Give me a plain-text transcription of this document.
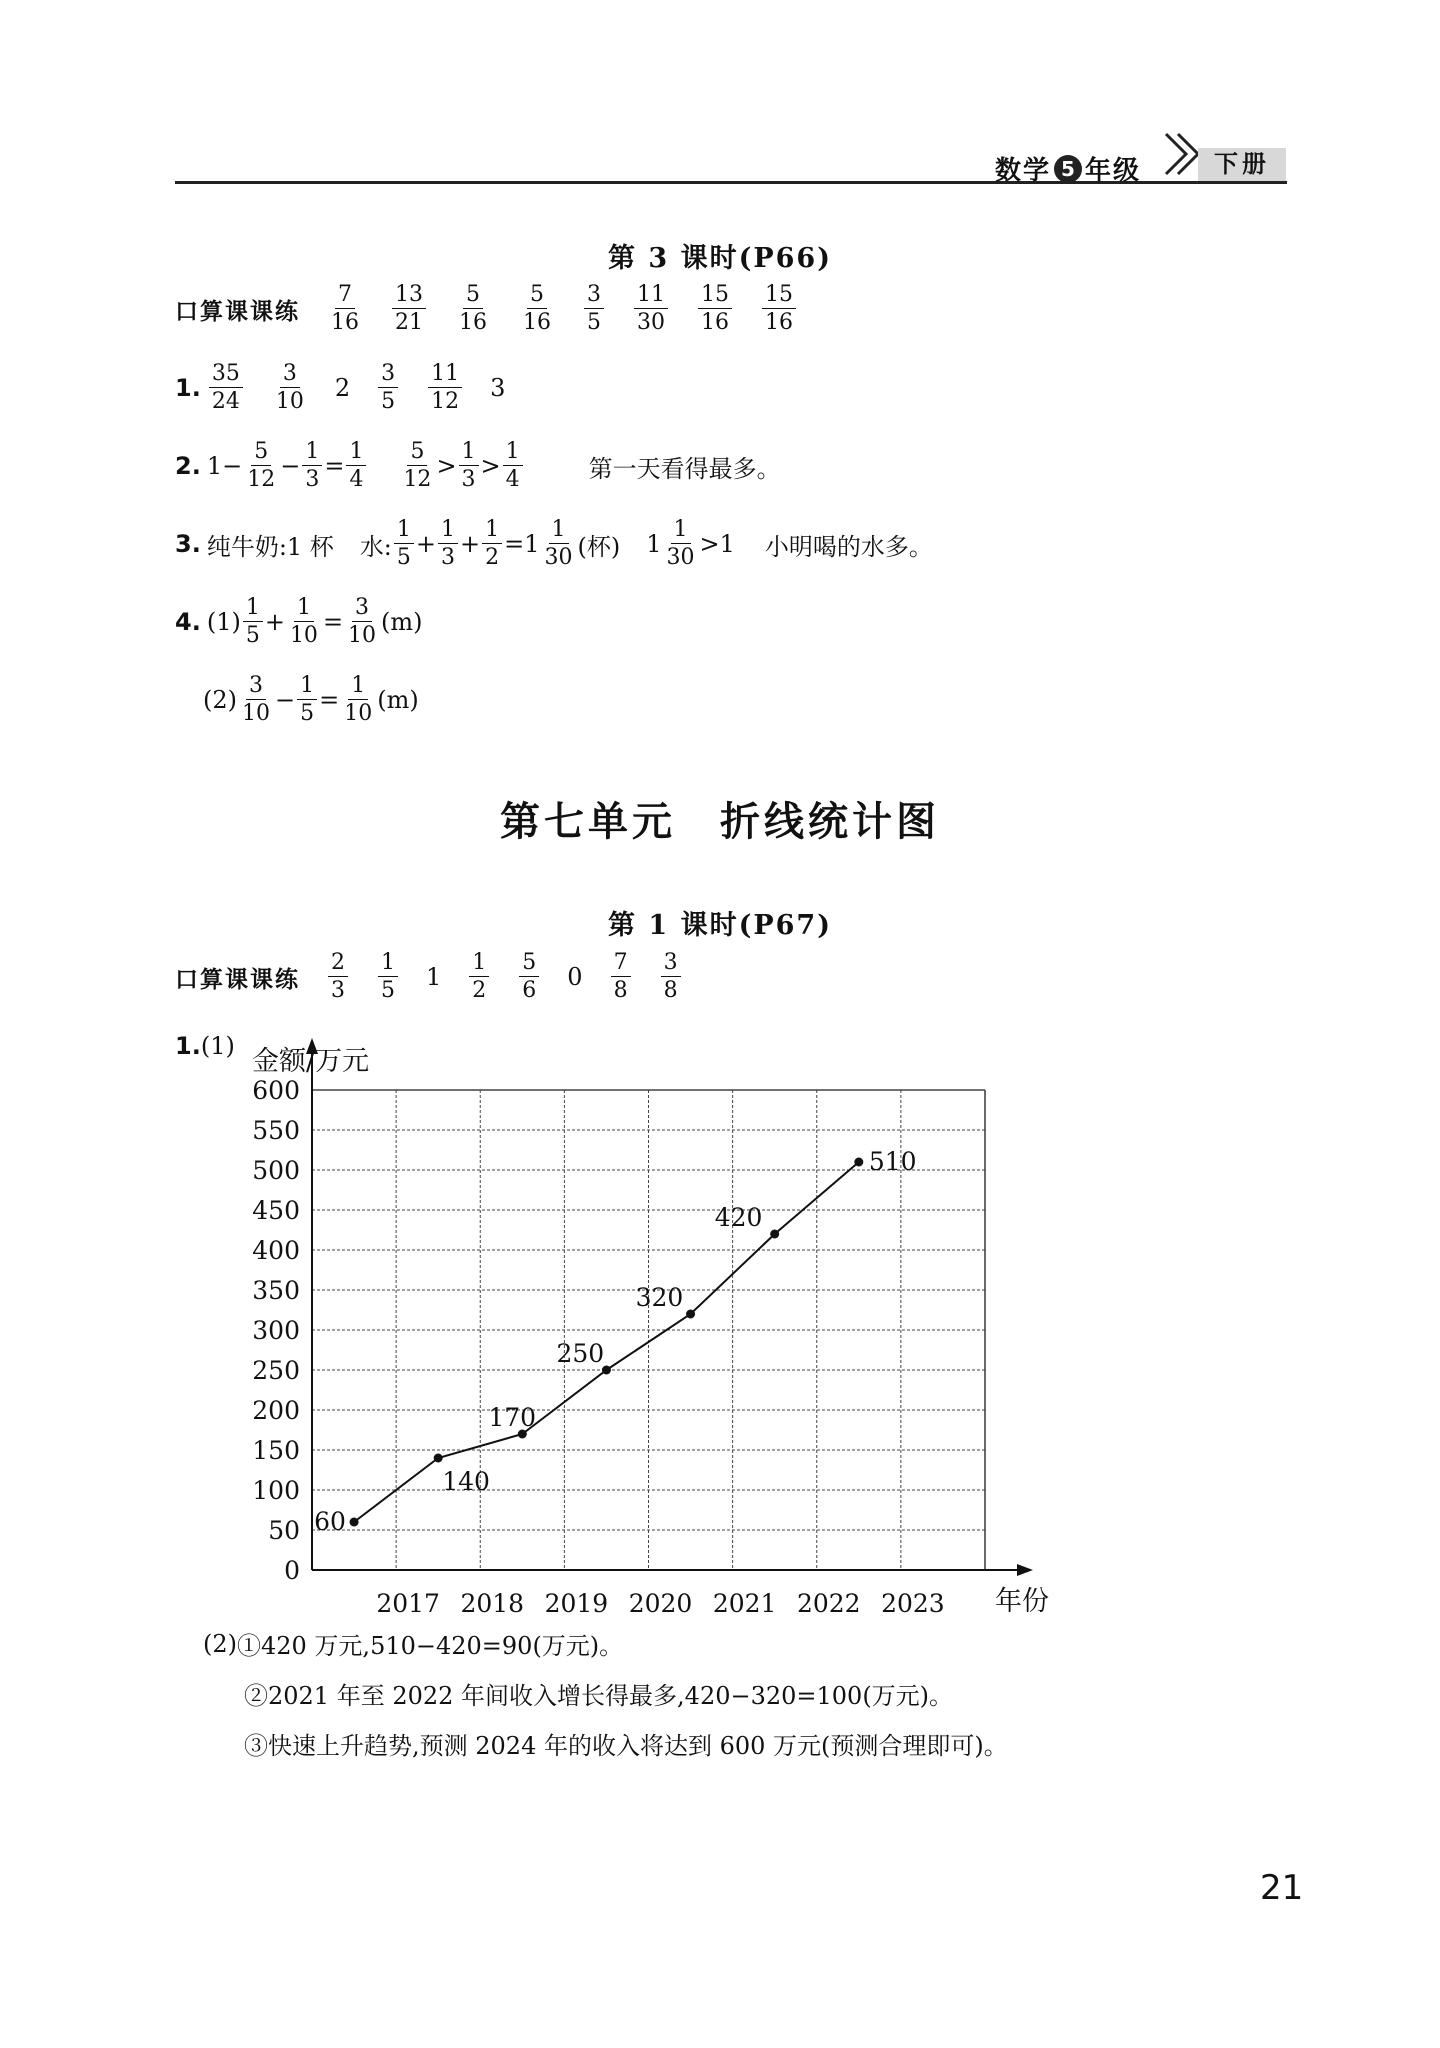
数学 5 年级	下册
第 3 课时(P66)
口算课课练 $\frac{7}{16} \frac{13}{21} \frac{5}{16} \frac{5}{16} \frac{3}{5} \frac{11}{30} \frac{15}{16} \frac{15}{16}$
1. $\frac{35}{24} \frac{3}{10} 2 \frac{3}{5} \frac{11}{12} 3$
2. $1 - \frac{5}{12} - \frac{1}{3} = \frac{1}{4} \frac{5}{12} > \frac{1}{3} > \frac{1}{4}$	第一天看得最多。
3. 纯牛奶:1 杯 水: $\frac{1}{5} + \frac{1}{3} + \frac{1}{2} = 1 \frac{1}{30}$ (杯) $1 \frac{1}{30} > 1$ 小明喝的水多。
4. $(1) \frac{1}{5} + \frac{1}{10} = \frac{3}{10} (m)$
$(2) \frac{3}{10} - \frac{1}{5} = \frac{1}{10} (m)$
第七单元　折线统计图
第 1 课时(P67)
口算课课练 $\frac{2}{3} \frac{1}{5} 1 \frac{1}{2} \frac{5}{6} 0 \frac{7}{8} \frac{3}{8}$
1. (1)
0
50
100
150
200
250
300
350
400
450
500
550
600
2017 2018 2019 2020 2021 2022 2023
金额/万元
年份
60
140
170
250
320
420
510
(2) ①420 万元,510−420=90(万元)。
②2021 年至 2022 年间收入增长得最多,420−320=100(万元)。
③快速上升趋势,预测 2024 年的收入将达到 600 万元(预测合理即可)。
21
